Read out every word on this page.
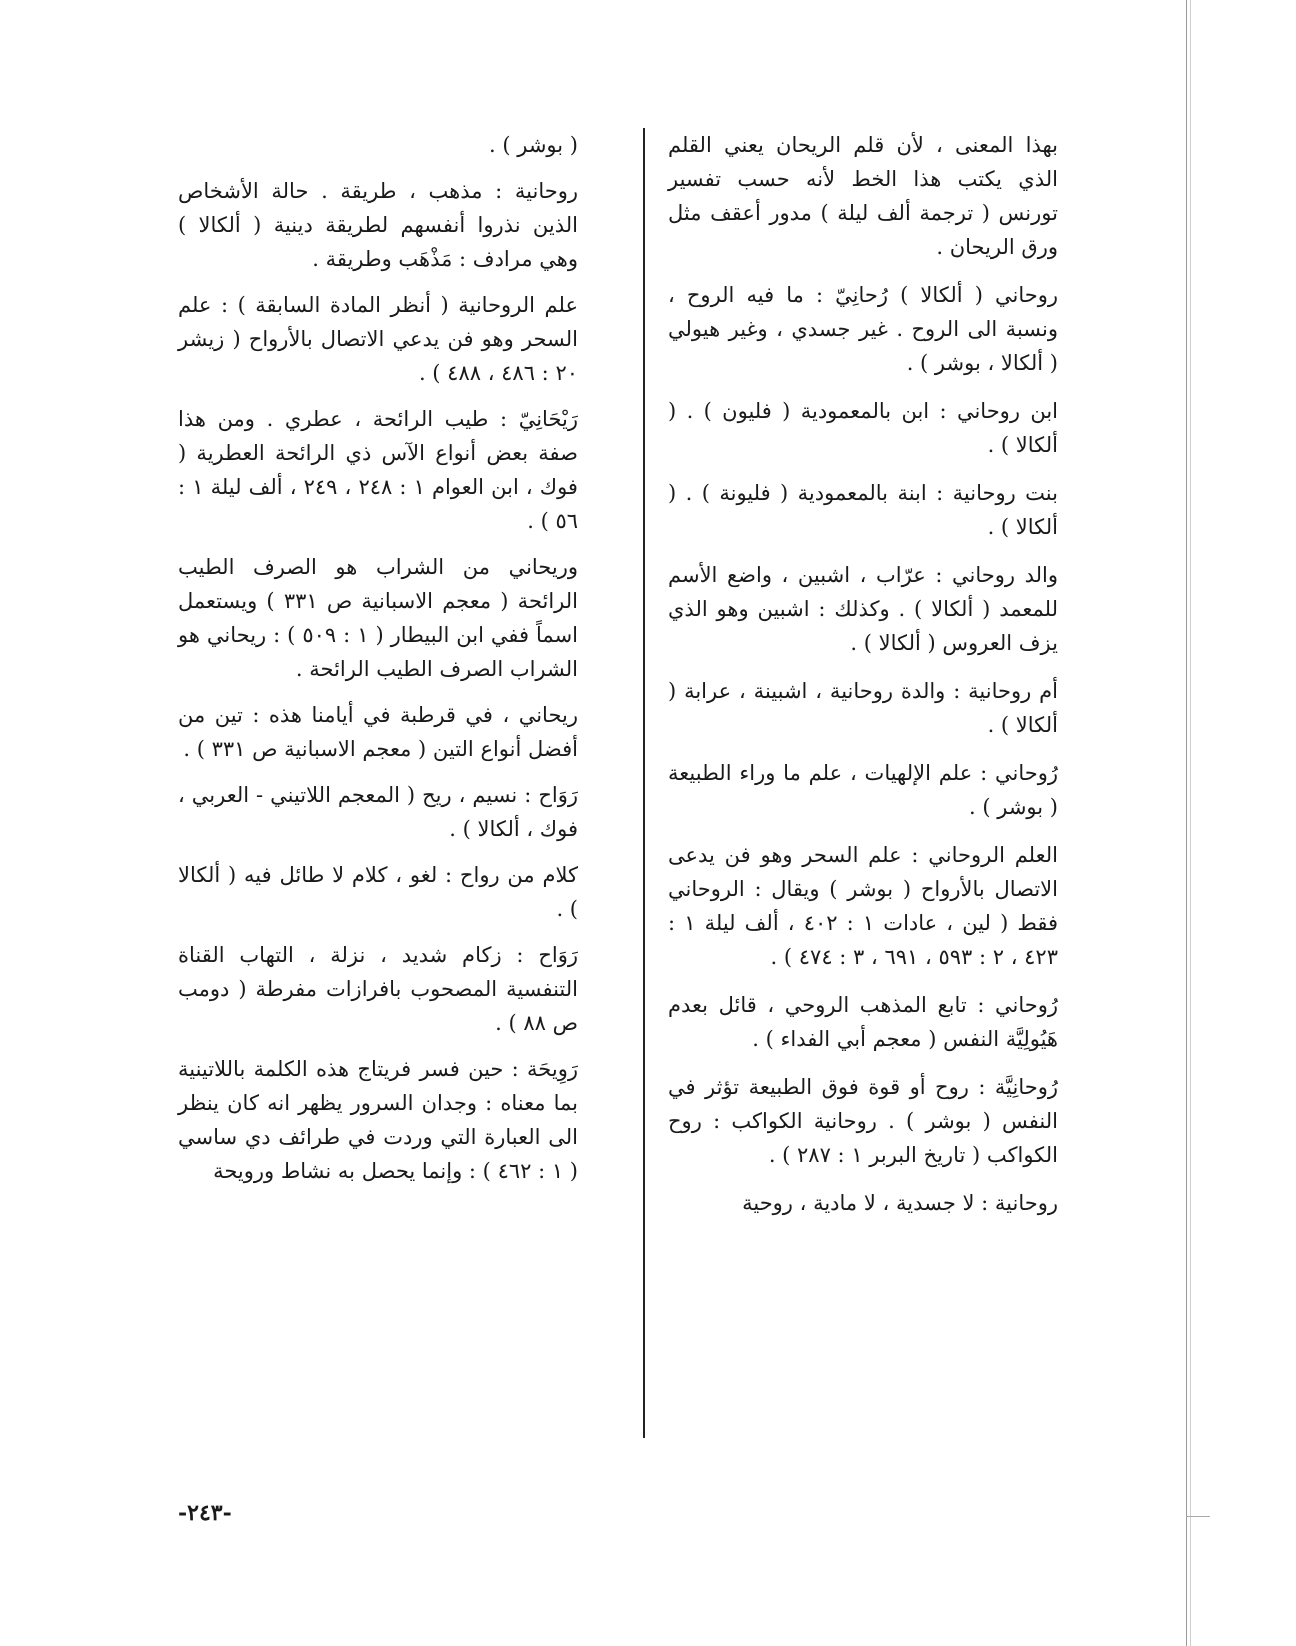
بهذا المعنى ، لأن قلم الريحان يعني القلم الذي يكتب هذا الخط لأنه حسب تفسير تورنس ( ترجمة ألف ليلة ) مدور أعقف مثل ورق الريحان .

روحاني ( ألكالا ) رُحانِيّ : ما فيه الروح ، ونسبة الى الروح . غير جسدي ، وغير هيولي ( ألكالا ، بوشر ) .

ابن روحاني : ابن بالمعمودية ( فليون ) . ( ألكالا ) .

بنت روحانية : ابنة بالمعمودية ( فليونة ) . ( ألكالا ) .

والد روحاني : عرّاب ، اشبين ، واضع الأسم للمعمد ( ألكالا ) . وكذلك : اشبين وهو الذي يزف العروس ( ألكالا ) .

أم روحانية : والدة روحانية ، اشبينة ، عرابة ( ألكالا ) .

رُوحاني : علم الإلهيات ، علم ما وراء الطبيعة ( بوشر ) .

العلم الروحاني : علم السحر وهو فن يدعى الاتصال بالأرواح ( بوشر ) ويقال : الروحاني فقط ( لين ، عادات ١ : ٤٠٢ ، ألف ليلة ١ : ٤٢٣ ، ٢ : ٥٩٣ ، ٦٩١ ، ٣ : ٤٧٤ ) .

رُوحاني : تابع المذهب الروحي ، قائل بعدم هَيُولِيَّة النفس ( معجم أبي الفداء ) .

رُوحانِيَّة : روح أو قوة فوق الطبيعة تؤثر في النفس ( بوشر ) . روحانية الكواكب : روح الكواكب ( تاريخ البربر ١ : ٢٨٧ ) .

روحانية : لا جسدية ، لا مادية ، روحية

( بوشر ) .

روحانية : مذهب ، طريقة . حالة الأشخاص الذين نذروا أنفسهم لطريقة دينية ( ألكالا ) وهي مرادف : مَذْهَب وطريقة .

علم الروحانية ( أنظر المادة السابقة ) : علم السحر وهو فن يدعي الاتصال بالأرواح ( زيشر ٢٠ : ٤٨٦ ، ٤٨٨ ) .

رَيْحَانِيّ : طيب الرائحة ، عطري . ومن هذا صفة بعض أنواع الآس ذي الرائحة العطرية ( فوك ، ابن العوام ١ : ٢٤٨ ، ٢٤٩ ، ألف ليلة ١ : ٥٦ ) .

وريحاني من الشراب هو الصرف الطيب الرائحة ( معجم الاسبانية ص ٣٣١ ) ويستعمل اسماً ففي ابن البيطار ( ١ : ٥٠٩ ) : ريحاني هو الشراب الصرف الطيب الرائحة .

ريحاني ، في قرطبة في أيامنا هذه : تين من أفضل أنواع التين ( معجم الاسبانية ص ٣٣١ ) .

رَوَاح : نسيم ، ريح ( المعجم اللاتيني - العربي ، فوك ، ألكالا ) .

كلام من رواح : لغو ، كلام لا طائل فيه ( ألكالا ) .

رَوَاح : زكام شديد ، نزلة ، التهاب القناة التنفسية المصحوب بافرازات مفرطة ( دومب ص ٨٨ ) .

رَوِيحَة : حين فسر فريتاج هذه الكلمة باللاتينية بما معناه : وجدان السرور يظهر انه كان ينظر الى العبارة التي وردت في طرائف دي ساسي ( ١ : ٤٦٢ ) : وإنما يحصل به نشاط ورويحة

-٢٤٣-
